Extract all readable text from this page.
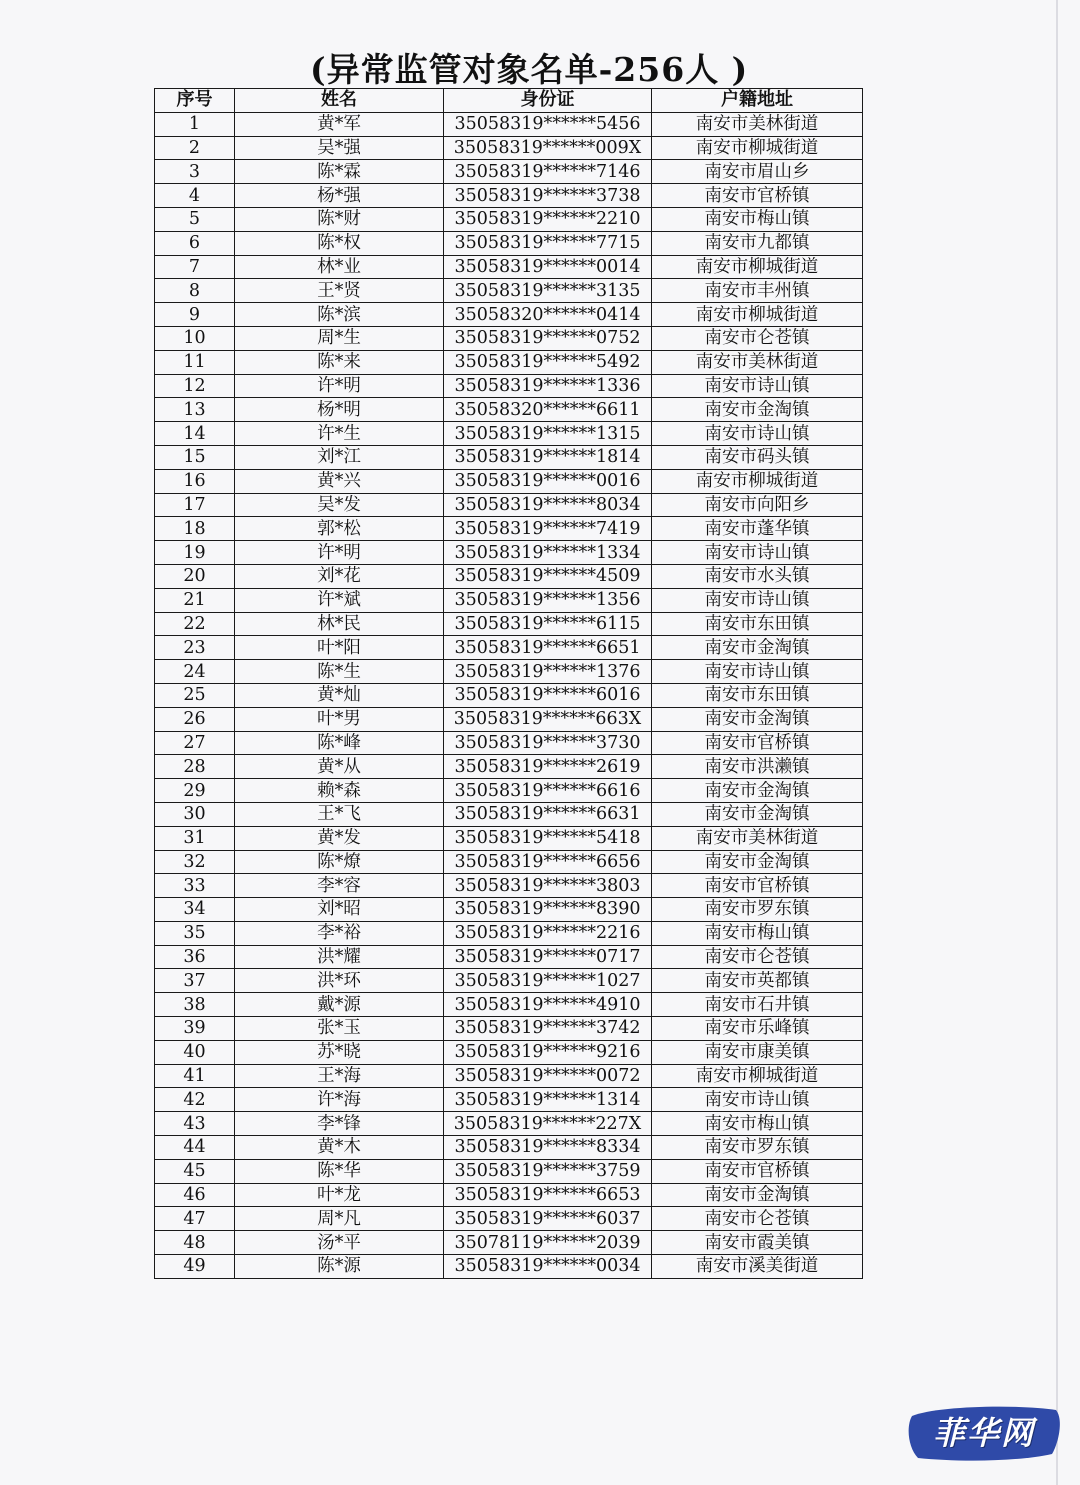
(异常监管对象名单-256人 )
序号	姓名	身份证	户籍地址
1	黄*军	35058319******5456	南安市美林街道
2	吴*强	35058319******009X	南安市柳城街道
3	陈*霖	35058319******7146	南安市眉山乡
4	杨*强	35058319******3738	南安市官桥镇
5	陈*财	35058319******2210	南安市梅山镇
6	陈*权	35058319******7715	南安市九都镇
7	林*业	35058319******0014	南安市柳城街道
8	王*贤	35058319******3135	南安市丰州镇
9	陈*滨	35058320******0414	南安市柳城街道
10	周*生	35058319******0752	南安市仑苍镇
11	陈*来	35058319******5492	南安市美林街道
12	许*明	35058319******1336	南安市诗山镇
13	杨*明	35058320******6611	南安市金淘镇
14	许*生	35058319******1315	南安市诗山镇
15	刘*江	35058319******1814	南安市码头镇
16	黄*兴	35058319******0016	南安市柳城街道
17	吴*发	35058319******8034	南安市向阳乡
18	郭*松	35058319******7419	南安市蓬华镇
19	许*明	35058319******1334	南安市诗山镇
20	刘*花	35058319******4509	南安市水头镇
21	许*斌	35058319******1356	南安市诗山镇
22	林*民	35058319******6115	南安市东田镇
23	叶*阳	35058319******6651	南安市金淘镇
24	陈*生	35058319******1376	南安市诗山镇
25	黄*灿	35058319******6016	南安市东田镇
26	叶*男	35058319******663X	南安市金淘镇
27	陈*峰	35058319******3730	南安市官桥镇
28	黄*从	35058319******2619	南安市洪濑镇
29	赖*森	35058319******6616	南安市金淘镇
30	王*飞	35058319******6631	南安市金淘镇
31	黄*发	35058319******5418	南安市美林街道
32	陈*燎	35058319******6656	南安市金淘镇
33	李*容	35058319******3803	南安市官桥镇
34	刘*昭	35058319******8390	南安市罗东镇
35	李*裕	35058319******2216	南安市梅山镇
36	洪*耀	35058319******0717	南安市仑苍镇
37	洪*环	35058319******1027	南安市英都镇
38	戴*源	35058319******4910	南安市石井镇
39	张*玉	35058319******3742	南安市乐峰镇
40	苏*晓	35058319******9216	南安市康美镇
41	王*海	35058319******0072	南安市柳城街道
42	许*海	35058319******1314	南安市诗山镇
43	李*锋	35058319******227X	南安市梅山镇
44	黄*木	35058319******8334	南安市罗东镇
45	陈*华	35058319******3759	南安市官桥镇
46	叶*龙	35058319******6653	南安市金淘镇
47	周*凡	35058319******6037	南安市仑苍镇
48	汤*平	35078119******2039	南安市霞美镇
49	陈*源	35058319******0034	南安市溪美街道
菲华网
